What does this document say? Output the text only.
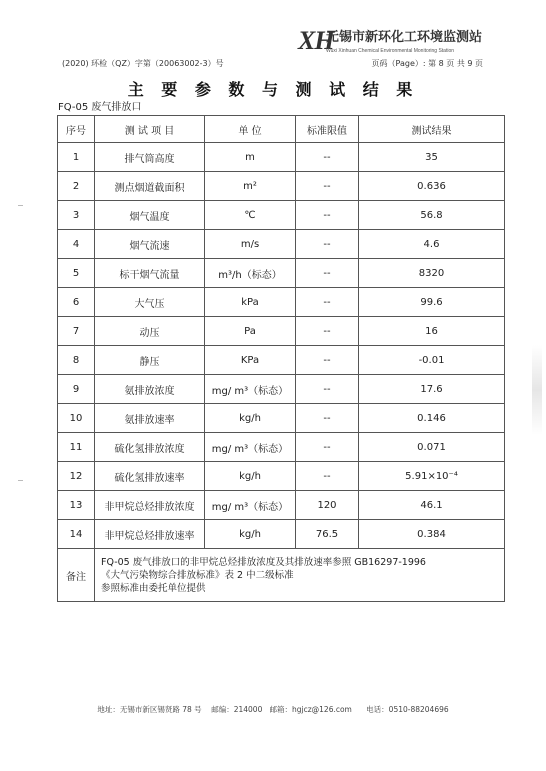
XH
无锡市新环化工环境监测站
Wuxi Xinhuan Chemical Environmental Monitoring Station
(2020) 环检（QZ）字第（20063002-3）号	页码（Page）: 第 8 页 共 9 页
主 要 参 数 与 测 试 结 果
FQ-05 废气排放口
序号	测 试 项 目	单 位	标准限值	测试结果
1	排气筒高度	m	--	35
2	测点烟道截面积	m²	--	0.636
3	烟气温度	℃	--	56.8
4	烟气流速	m/s	--	4.6
5	标干烟气流量	m³/h（标态）	--	8320
6	大气压	kPa	--	99.6
7	动压	Pa	--	16
8	静压	KPa	--	-0.01
9	氨排放浓度	mg/ m³（标态）	--	17.6
10	氨排放速率	kg/h	--	0.146
11	硫化氢排放浓度	mg/ m³（标态）	--	0.071
12	硫化氢排放速率	kg/h	--	5.91×10⁻⁴
13	非甲烷总烃排放浓度	mg/ m³（标态）	120	46.1
14	非甲烷总烃排放速率	kg/h	76.5	0.384
备注	FQ-05 废气排放口的非甲烷总烃排放浓度及其排放速率参照 GB16297-1996
《大气污染物综合排放标准》表 2 中二级标准
参照标准由委托单位提供			
地址：无锡市新区锡贤路 78 号    邮编：214000   邮箱：hgjcz@126.com      电话：0510-88204696
